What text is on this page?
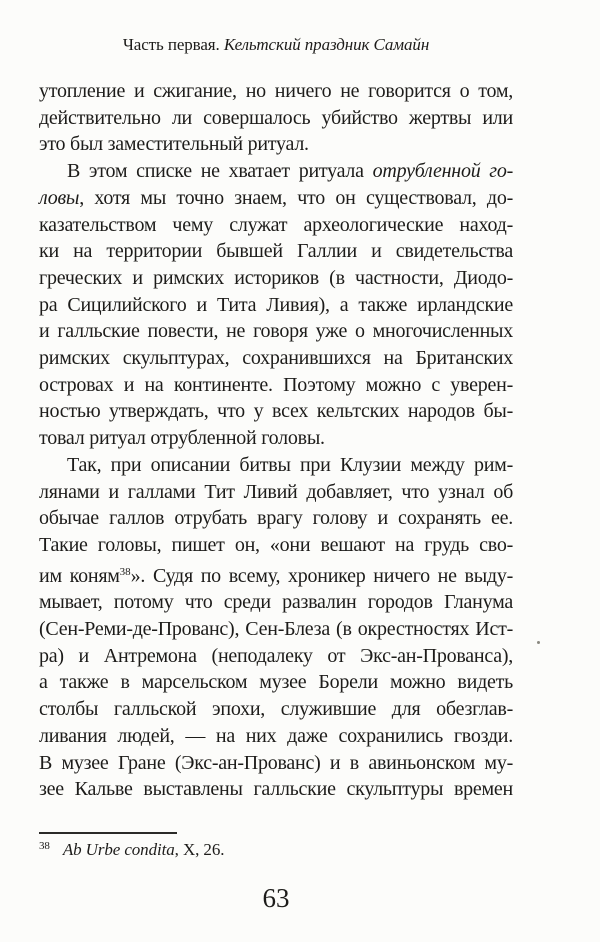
Часть первая. Кельтский праздник Самайн
утопление и сжигание, но ничего не говорится о том,
действительно ли совершалось убийство жертвы или
это был заместительный ритуал.
В этом списке не хватает ритуала отрубленной го-
ловы, хотя мы точно знаем, что он существовал, до-
казательством чему служат археологические наход-
ки на территории бывшей Галлии и свидетельства
греческих и римских историков (в частности, Диодо-
ра Сицилийского и Тита Ливия), а также ирландские
и галльские повести, не говоря уже о многочисленных
римских скульптурах, сохранившихся на Британских
островах и на континенте. Поэтому можно с уверен-
ностью утверждать, что у всех кельтских народов бы-
товал ритуал отрубленной головы.
Так, при описании битвы при Клузии между рим-
лянами и галлами Тит Ливий добавляет, что узнал об
обычае галлов отрубать врагу голову и сохранять ее.
Такие головы, пишет он, «они вешают на грудь сво-
им коням$^{38}$». Судя по всему, хроникер ничего не выду-
мывает, потому что среди развалин городов Гланума
(Сен-Реми-де-Прованс), Сен-Блеза (в окрестностях Ист-
ра) и Антремона (неподалеку от Экс-ан-Прованса),
а также в марсельском музее Борели можно видеть
столбы галльской эпохи, служившие для обезглав-
ливания людей, — на них даже сохранились гвозди.
В музее Гране (Экс-ан-Прованс) и в авиньонском му-
зее Кальве выставлены галльские скульптуры времен
$^{38}$ Ab Urbe condita, X, 26.
63
